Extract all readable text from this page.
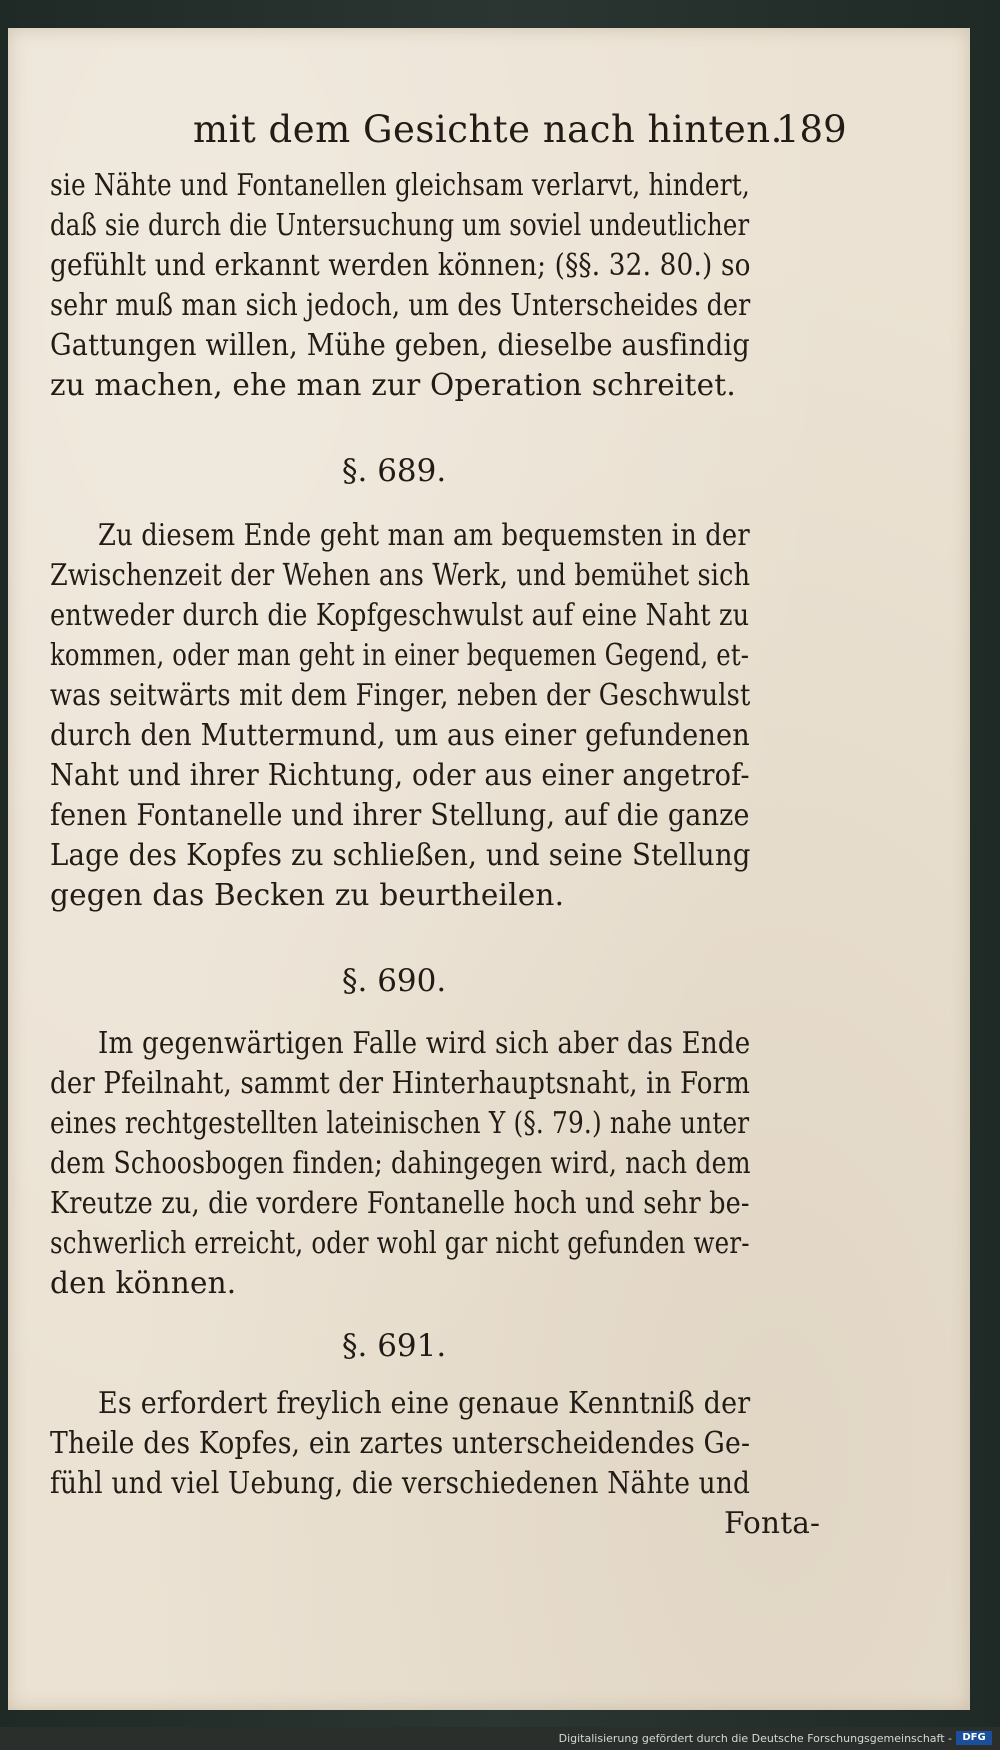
mit dem Gesichte nach hinten.
189
sie Nähte und Fontanellen gleichsam verlarvt, hindert,
daß sie durch die Untersuchung um soviel undeutlicher
gefühlt und erkannt werden können; (§§. 32. 80.) so
sehr muß man sich jedoch, um des Unterscheides der
Gattungen willen, Mühe geben, dieselbe ausfindig
zu machen, ehe man zur Operation schreitet.
§. 689.
Zu diesem Ende geht man am bequemsten in der
Zwischenzeit der Wehen ans Werk, und bemühet sich
entweder durch die Kopfgeschwulst auf eine Naht zu
kommen, oder man geht in einer bequemen Gegend, et-
was seitwärts mit dem Finger, neben der Geschwulst
durch den Muttermund, um aus einer gefundenen
Naht und ihrer Richtung, oder aus einer angetrof-
fenen Fontanelle und ihrer Stellung, auf die ganze
Lage des Kopfes zu schließen, und seine Stellung
gegen das Becken zu beurtheilen.
§. 690.
Im gegenwärtigen Falle wird sich aber das Ende
der Pfeilnaht, sammt der Hinterhauptsnaht, in Form
eines rechtgestellten lateinischen Y (§. 79.) nahe unter
dem Schoosbogen finden; dahingegen wird, nach dem
Kreutze zu, die vordere Fontanelle hoch und sehr be-
schwerlich erreicht, oder wohl gar nicht gefunden wer-
den können.
§. 691.
Es erfordert freylich eine genaue Kenntniß der
Theile des Kopfes, ein zartes unterscheidendes Ge-
fühl und viel Uebung, die verschiedenen Nähte und
Fonta-
Digitalisierung gefördert durch die Deutsche Forschungsgemeinschaft -	DFG
